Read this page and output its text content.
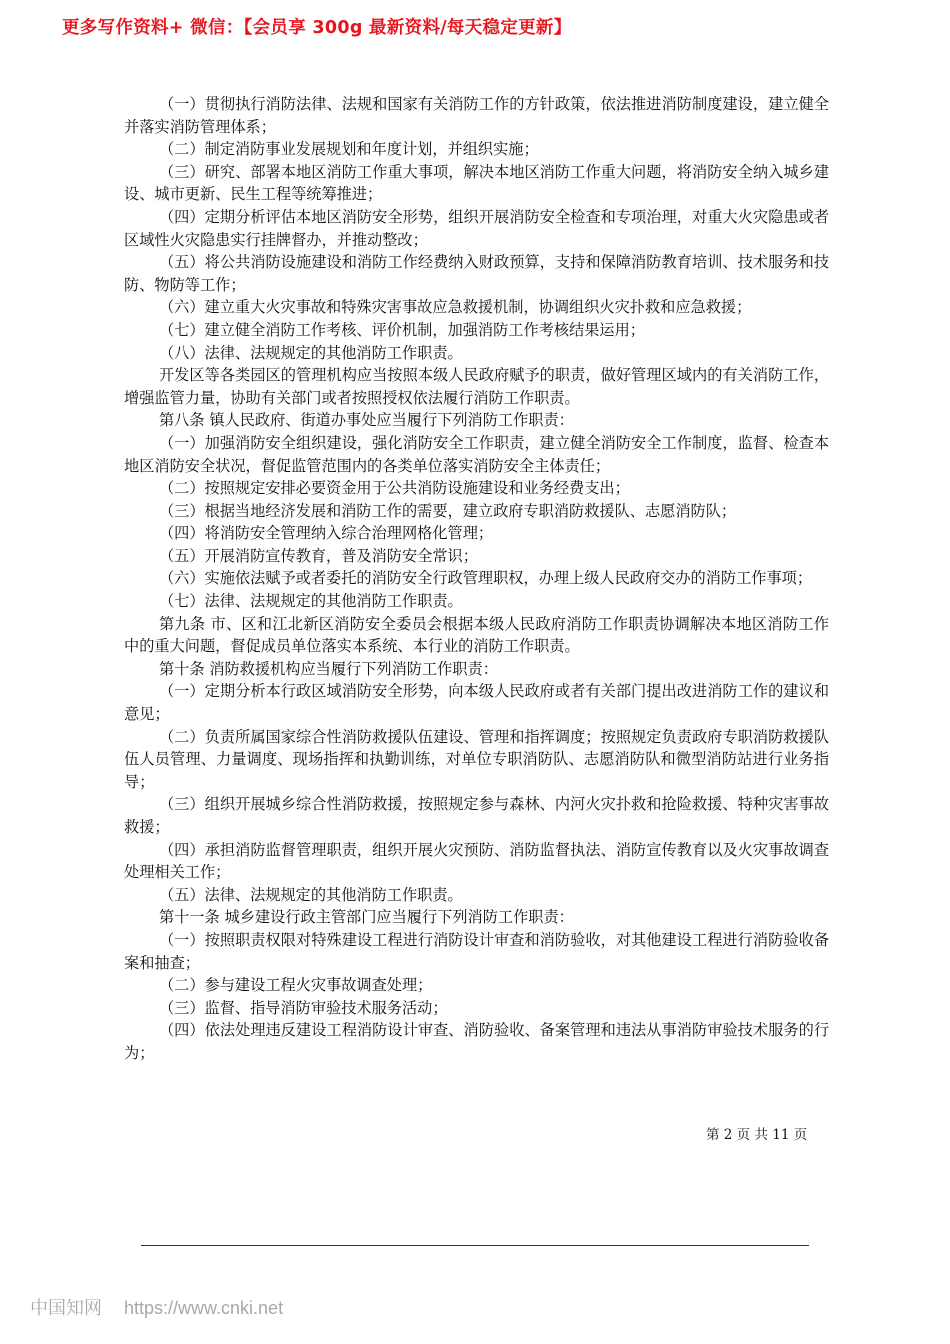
更多写作资料+ 微信：【会员享 300g 最新资料/每天稳定更新】

（一）贯彻执行消防法律、法规和国家有关消防工作的方针政策，依法推进消防制度建设，建立健全并落实消防管理体系；

（二）制定消防事业发展规划和年度计划，并组织实施；

（三）研究、部署本地区消防工作重大事项，解决本地区消防工作重大问题，将消防安全纳入城乡建设、城市更新、民生工程等统筹推进；

（四）定期分析评估本地区消防安全形势，组织开展消防安全检查和专项治理，对重大火灾隐患或者区域性火灾隐患实行挂牌督办，并推动整改；

（五）将公共消防设施建设和消防工作经费纳入财政预算，支持和保障消防教育培训、技术服务和技防、物防等工作；

（六）建立重大火灾事故和特殊灾害事故应急救援机制，协调组织火灾扑救和应急救援；

（七）建立健全消防工作考核、评价机制，加强消防工作考核结果运用；

（八）法律、法规规定的其他消防工作职责。

开发区等各类园区的管理机构应当按照本级人民政府赋予的职责，做好管理区域内的有关消防工作，增强监管力量，协助有关部门或者按照授权依法履行消防工作职责。

第八条 镇人民政府、街道办事处应当履行下列消防工作职责：

（一）加强消防安全组织建设，强化消防安全工作职责，建立健全消防安全工作制度，监督、检查本地区消防安全状况，督促监管范围内的各类单位落实消防安全主体责任；

（二）按照规定安排必要资金用于公共消防设施建设和业务经费支出；

（三）根据当地经济发展和消防工作的需要，建立政府专职消防救援队、志愿消防队；

（四）将消防安全管理纳入综合治理网格化管理；

（五）开展消防宣传教育，普及消防安全常识；

（六）实施依法赋予或者委托的消防安全行政管理职权，办理上级人民政府交办的消防工作事项；

（七）法律、法规规定的其他消防工作职责。

第九条 市、区和江北新区消防安全委员会根据本级人民政府消防工作职责协调解决本地区消防工作中的重大问题，督促成员单位落实本系统、本行业的消防工作职责。

第十条 消防救援机构应当履行下列消防工作职责：

（一）定期分析本行政区域消防安全形势，向本级人民政府或者有关部门提出改进消防工作的建议和意见；

（二）负责所属国家综合性消防救援队伍建设、管理和指挥调度；按照规定负责政府专职消防救援队伍人员管理、力量调度、现场指挥和执勤训练，对单位专职消防队、志愿消防队和微型消防站进行业务指导；

（三）组织开展城乡综合性消防救援，按照规定参与森林、内河火灾扑救和抢险救援、特种灾害事故救援；

（四）承担消防监督管理职责，组织开展火灾预防、消防监督执法、消防宣传教育以及火灾事故调查处理相关工作；

（五）法律、法规规定的其他消防工作职责。

第十一条 城乡建设行政主管部门应当履行下列消防工作职责：

（一）按照职责权限对特殊建设工程进行消防设计审查和消防验收，对其他建设工程进行消防验收备案和抽查；

（二）参与建设工程火灾事故调查处理；

（三）监督、指导消防审验技术服务活动；

（四）依法处理违反建设工程消防设计审查、消防验收、备案管理和违法从事消防审验技术服务的行为；

第 2 页 共 11 页
中国知网 https://www.cnki.net
